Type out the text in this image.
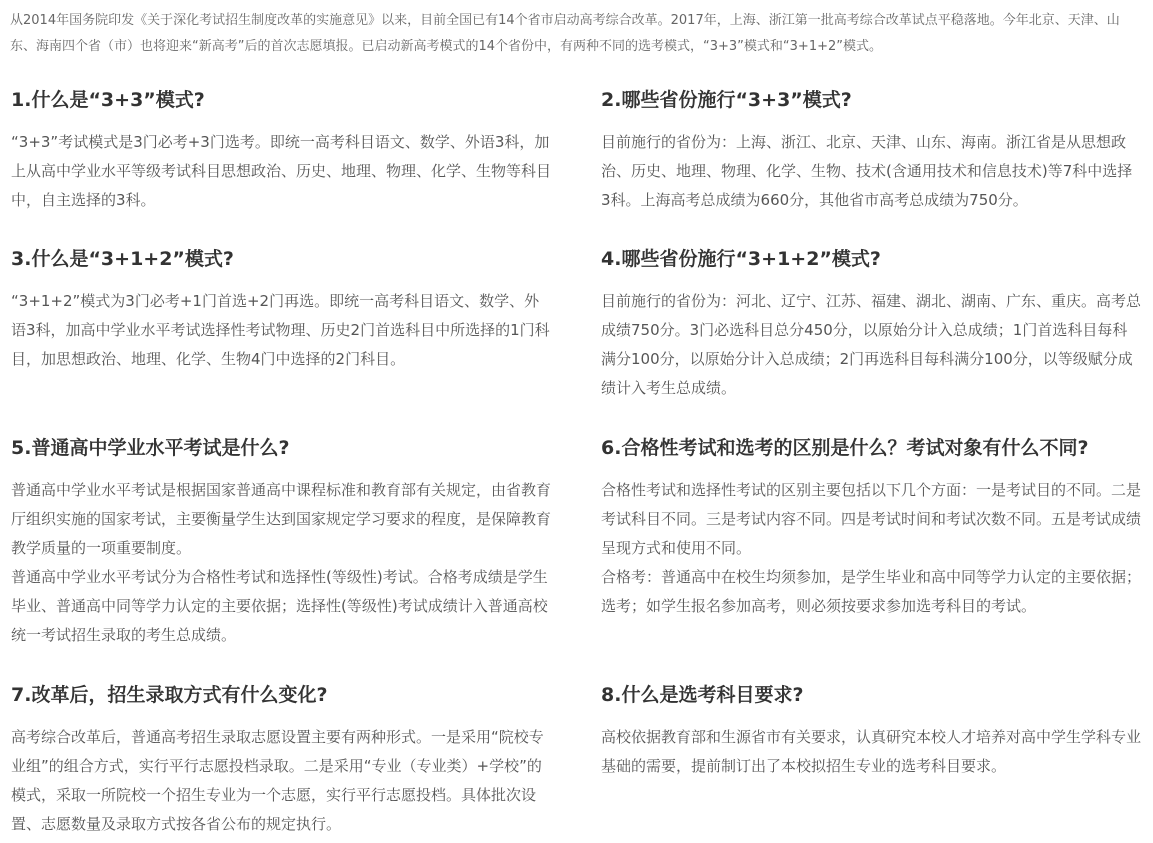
从2014年国务院印发《关于深化考试招生制度改革的实施意见》以来，目前全国已有14个省市启动高考综合改革。2017年，上海、浙江第一批高考综合改革试点平稳落地。今年北京、天津、山东、海南四个省（市）也将迎来“新高考”后的首次志愿填报。已启动新高考模式的14个省份中，有两种不同的选考模式，“3+3”模式和“3+1+2”模式。

1.什么是“3+3”模式?

“3+3”考试模式是3门必考+3门选考。即统一高考科目语文、数学、外语3科，加上从高中学业水平等级考试科目思想政治、历史、地理、物理、化学、生物等科目中，自主选择的3科。

2.哪些省份施行“3+3”模式?

目前施行的省份为：上海、浙江、北京、天津、山东、海南。浙江省是从思想政治、历史、地理、物理、化学、生物、技术(含通用技术和信息技术)等7科中选择3科。上海高考总成绩为660分，其他省市高考总成绩为750分。

3.什么是“3+1+2”模式?

“3+1+2”模式为3门必考+1门首选+2门再选。即统一高考科目语文、数学、外语3科，加高中学业水平考试选择性考试物理、历史2门首选科目中所选择的1门科目，加思想政治、地理、化学、生物4门中选择的2门科目。

4.哪些省份施行“3+1+2”模式?

目前施行的省份为：河北、辽宁、江苏、福建、湖北、湖南、广东、重庆。高考总成绩750分。3门必选科目总分450分，以原始分计入总成绩；1门首选科目每科满分100分，以原始分计入总成绩；2门再选科目每科满分100分，以等级赋分成绩计入考生总成绩。

5.普通高中学业水平考试是什么?

普通高中学业水平考试是根据国家普通高中课程标准和教育部有关规定，由省教育厅组织实施的国家考试，主要衡量学生达到国家规定学习要求的程度，是保障教育教学质量的一项重要制度。

普通高中学业水平考试分为合格性考试和选择性(等级性)考试。合格考成绩是学生毕业、普通高中同等学力认定的主要依据；选择性(等级性)考试成绩计入普通高校统一考试招生录取的考生总成绩。

6.合格性考试和选考的区别是什么？考试对象有什么不同?

合格性考试和选择性考试的区别主要包括以下几个方面：一是考试目的不同。二是考试科目不同。三是考试内容不同。四是考试时间和考试次数不同。五是考试成绩呈现方式和使用不同。

合格考：普通高中在校生均须参加，是学生毕业和高中同等学力认定的主要依据；选考；如学生报名参加高考，则必须按要求参加选考科目的考试。

7.改革后，招生录取方式有什么变化?

高考综合改革后，普通高考招生录取志愿设置主要有两种形式。一是采用“院校专业组”的组合方式，实行平行志愿投档录取。二是采用“专业（专业类）+学校”的模式，采取一所院校一个招生专业为一个志愿，实行平行志愿投档。具体批次设置、志愿数量及录取方式按各省公布的规定执行。

8.什么是选考科目要求?

高校依据教育部和生源省市有关要求，认真研究本校人才培养对高中学生学科专业基础的需要，提前制订出了本校拟招生专业的选考科目要求。
